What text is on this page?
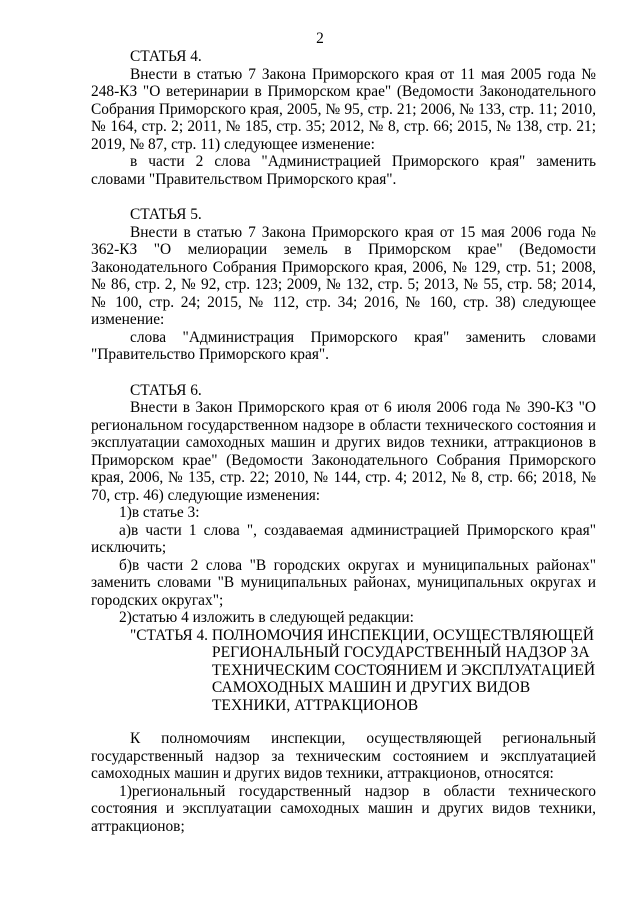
2

СТАТЬЯ 4.

Внести в статью 7 Закона Приморского края от 11 мая 2005 года № 248-КЗ "О ветеринарии в Приморском крае" (Ведомости Законодательного Собрания Приморского края, 2005, № 95, стр. 21; 2006, № 133, стр. 11; 2010, № 164, стр. 2; 2011, № 185, стр. 35; 2012, № 8, стр. 66; 2015, № 138, стр. 21; 2019, № 87, стр. 11) следующее изменение:

в части 2 слова "Администрацией Приморского края" заменить словами "Правительством Приморского края".

СТАТЬЯ 5.

Внести в статью 7 Закона Приморского края от 15 мая 2006 года № 362-КЗ "О мелиорации земель в Приморском крае" (Ведомости Законодательного Собрания Приморского края, 2006, № 129, стр. 51; 2008, № 86, стр. 2, № 92, стр. 123; 2009, № 132, стр. 5; 2013, № 55, стр. 58; 2014, № 100, стр. 24; 2015, № 112, стр. 34; 2016, № 160, стр. 38) следующее изменение:

слова "Администрация Приморского края" заменить словами "Правительство Приморского края".

СТАТЬЯ 6.

Внести в Закон Приморского края от 6 июля 2006 года № 390-КЗ "О региональном государственном надзоре в области технического состояния и эксплуатации самоходных машин и других видов техники, аттракционов в Приморском крае" (Ведомости Законодательного Собрания Приморского края, 2006, № 135, стр. 22; 2010, № 144, стр. 4; 2012, № 8, стр. 66; 2018, № 70, стр. 46) следующие изменения:

1)в статье 3:

а)в части 1 слова ", создаваемая администрацией Приморского края" исключить;

б)в части 2 слова "В городских округах и муниципальных районах" заменить словами "В муниципальных районах, муниципальных округах и городских округах";

2)статью 4 изложить в следующей редакции:

"СТАТЬЯ 4.
ПОЛНОМОЧИЯ ИНСПЕКЦИИ, ОСУЩЕСТВЛЯЮЩЕЙ РЕГИОНАЛЬНЫЙ ГОСУДАРСТВЕННЫЙ НАДЗОР ЗА ТЕХНИЧЕСКИМ СОСТОЯНИЕМ И ЭКСПЛУАТАЦИЕЙ САМОХОДНЫХ МАШИН И ДРУГИХ ВИДОВ ТЕХНИКИ, АТТРАКЦИОНОВ

К полномочиям инспекции, осуществляющей региональный государственный надзор за техническим состоянием и эксплуатацией самоходных машин и других видов техники, аттракционов, относятся:

1)региональный государственный надзор в области технического состояния и эксплуатации самоходных машин и других видов техники, аттракционов;
